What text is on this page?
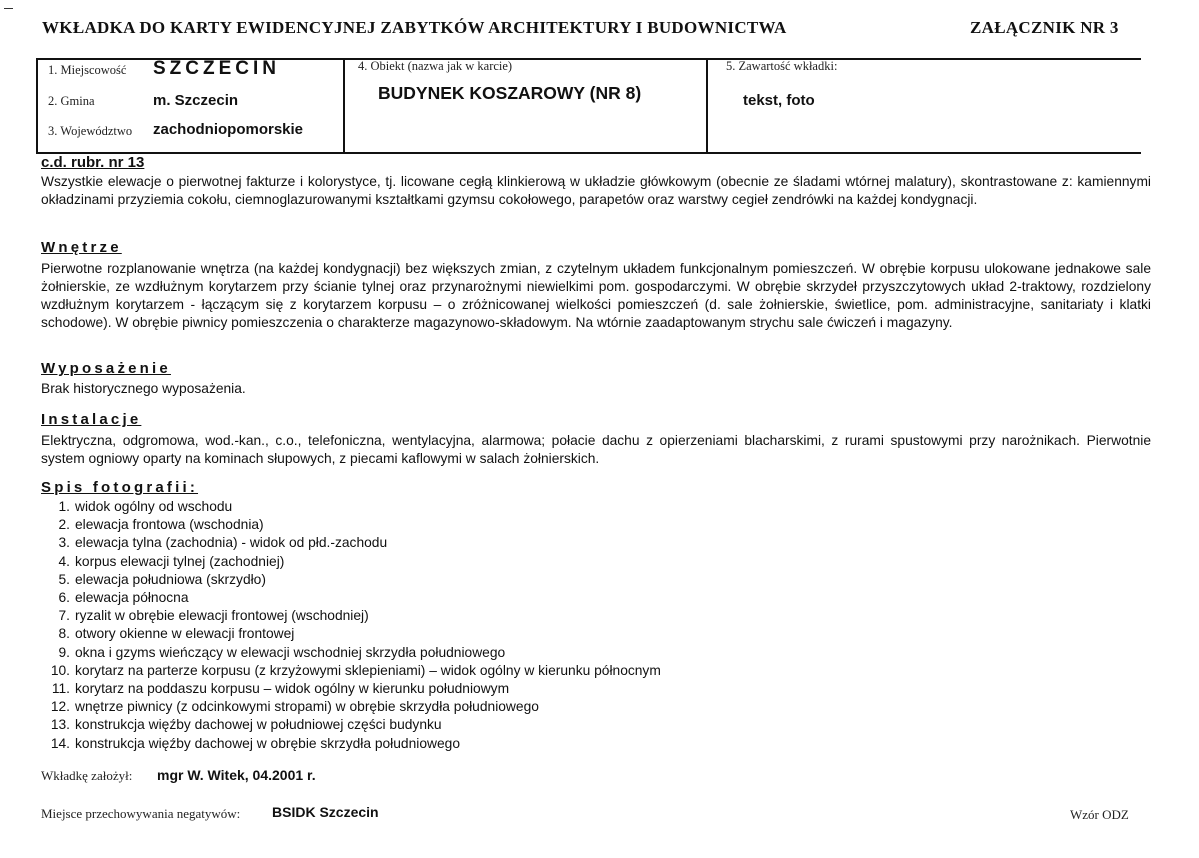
WKŁADKA DO KARTY EWIDENCYJNEJ ZABYTKÓW ARCHITEKTURY I BUDOWNICTWA	ZAŁĄCZNIK NR 3
1. Miejscowość SZCZECIN
2. Gmina	m. Szczecin
3. Województwo zachodniopomorskie
4. Obiekt (nazwa jak w karcie)
BUDYNEK KOSZAROWY (NR 8)
5. Zawartość wkładki:
tekst, foto
c.d. rubr. nr 13
Wszystkie elewacje o pierwotnej fakturze i kolorystyce, tj. licowane cegłą klinkierową w układzie główkowym (obecnie ze śladami wtórnej malatury), skontrastowane z: kamiennymi okładzinami przyziemia cokołu, ciemnoglazurowanymi kształtkami gzymsu cokołowego, parapetów oraz warstwy cegieł zendrówki na każdej kondygnacji.
Wnętrze
Pierwotne rozplanowanie wnętrza (na każdej kondygnacji) bez większych zmian, z czytelnym układem funkcjonalnym pomieszczeń. W obrębie korpusu ulokowane jednakowe sale żołnierskie, ze wzdłużnym korytarzem przy ścianie tylnej oraz przynarożnymi niewielkimi pom. gospodarczymi. W obrębie skrzydeł przyszczytowych układ 2-traktowy, rozdzielony wzdłużnym korytarzem - łączącym się z korytarzem korpusu – o zróżnicowanej wielkości pomieszczeń (d. sale żołnierskie, świetlice, pom. administracyjne, sanitariaty i klatki schodowe). W obrębie piwnicy pomieszczenia o charakterze magazynowo-składowym. Na wtórnie zaadaptowanym strychu sale ćwiczeń i magazyny.
Wyposażenie
Brak historycznego wyposażenia.
Instalacje
Elektryczna, odgromowa, wod.-kan., c.o., telefoniczna, wentylacyjna, alarmowa; połacie dachu z opierzeniami blacharskimi, z rurami spustowymi przy narożnikach. Pierwotnie system ogniowy oparty na kominach słupowych, z piecami kaflowymi w salach żołnierskich.
Spis fotografii:
1. widok ogólny od wschodu
2. elewacja frontowa (wschodnia)
3. elewacja tylna (zachodnia) - widok od płd.-zachodu
4. korpus elewacji tylnej (zachodniej)
5. elewacja południowa (skrzydło)
6. elewacja północna
7. ryzalit w obrębie elewacji frontowej (wschodniej)
8. otwory okienne w elewacji frontowej
9. okna i gzyms wieńczący w elewacji wschodniej skrzydła południowego
10. korytarz na parterze korpusu (z krzyżowymi sklepieniami) – widok ogólny w kierunku północnym
11. korytarz na poddaszu korpusu – widok ogólny w kierunku południowym
12. wnętrze piwnicy (z odcinkowymi stropami) w obrębie skrzydła południowego
13. konstrukcja więźby dachowej w południowej części budynku
14. konstrukcja więźby dachowej w obrębie skrzydła południowego
Wkładkę założył: mgr W. Witek, 04.2001 r.
Miejsce przechowywania negatywów: BSIDK Szczecin	Wzór ODZ
